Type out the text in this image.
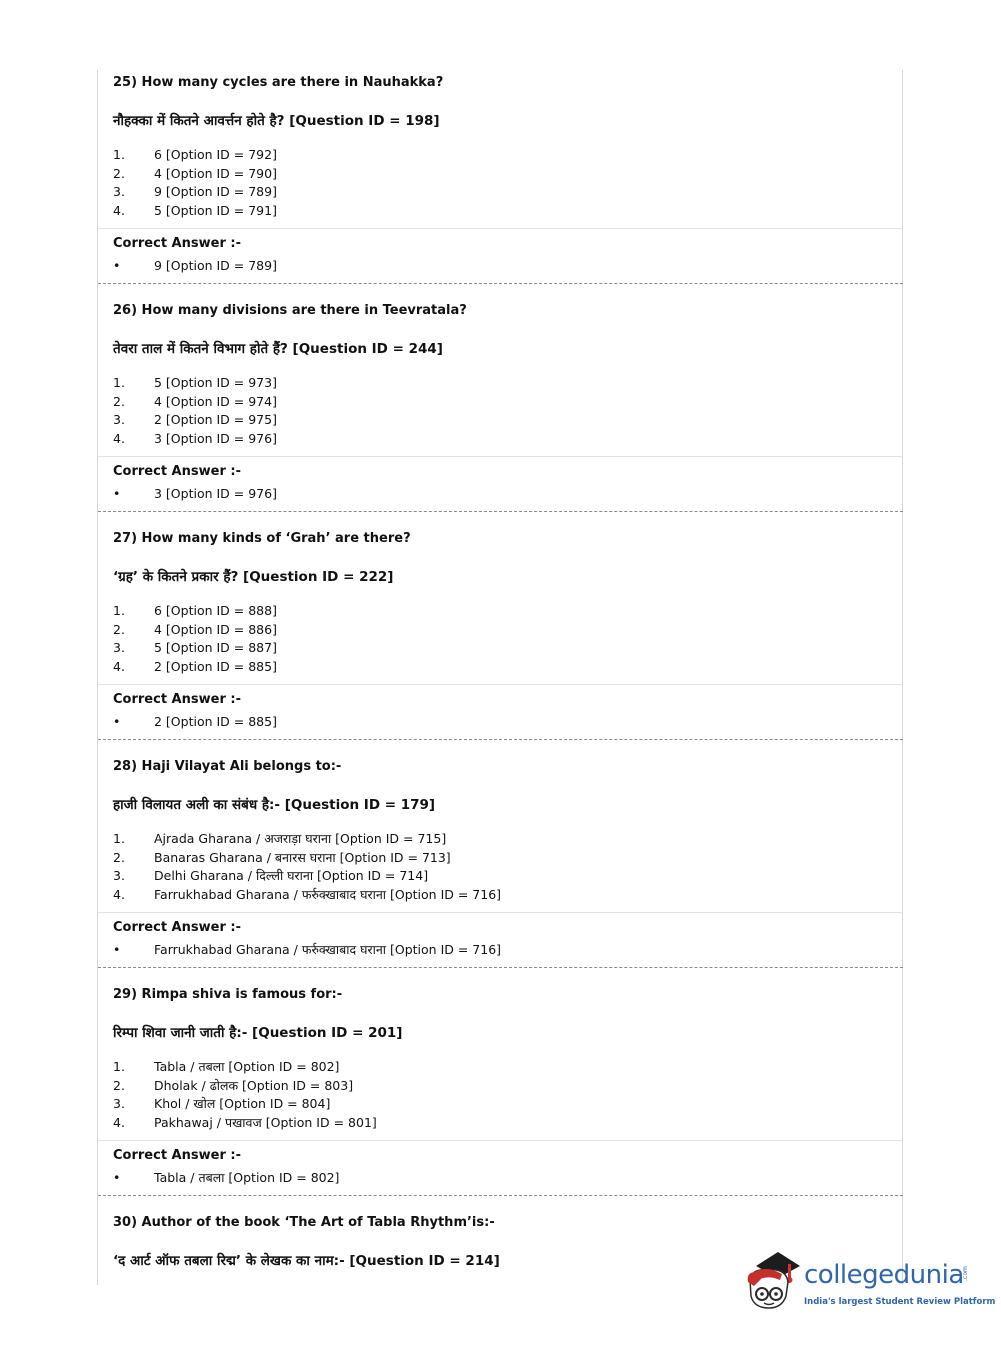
25) How many cycles are there in Nauhakka?
नौहक्का में कितने आवर्त्तन होते है? [Question ID = 198]
1.	6 [Option ID = 792]
2.	4 [Option ID = 790]
3.	9 [Option ID = 789]
4.	5 [Option ID = 791]
Correct Answer :-
•	9 [Option ID = 789]
26) How many divisions are there in Teevratala?
तेवरा ताल में कितने विभाग होते हैं? [Question ID = 244]
1.	5 [Option ID = 973]
2.	4 [Option ID = 974]
3.	2 [Option ID = 975]
4.	3 [Option ID = 976]
Correct Answer :-
•	3 [Option ID = 976]
27) How many kinds of ‘Grah’ are there?
‘ग्रह’ के कितने प्रकार हैं? [Question ID = 222]
1.	6 [Option ID = 888]
2.	4 [Option ID = 886]
3.	5 [Option ID = 887]
4.	2 [Option ID = 885]
Correct Answer :-
•	2 [Option ID = 885]
28) Haji Vilayat Ali belongs to:-
हाजी विलायत अली का संबंध है:- [Question ID = 179]
1.	Ajrada Gharana / अजराड़ा घराना [Option ID = 715]
2.	Banaras Gharana / बनारस घराना [Option ID = 713]
3.	Delhi Gharana / दिल्ली घराना [Option ID = 714]
4.	Farrukhabad Gharana / फर्रुक्खाबाद घराना [Option ID = 716]
Correct Answer :-
•	Farrukhabad Gharana / फर्रुक्खाबाद घराना [Option ID = 716]
29) Rimpa shiva is famous for:-
रिम्पा शिवा जानी जाती है:- [Question ID = 201]
1.	Tabla / तबला [Option ID = 802]
2.	Dholak / ढोलक [Option ID = 803]
3.	Khol / खोल [Option ID = 804]
4.	Pakhawaj / पखावज [Option ID = 801]
Correct Answer :-
•	Tabla / तबला [Option ID = 802]
30) Author of the book ‘The Art of Tabla Rhythm’is:-
‘द आर्ट ऑफ तबला रिद्म’ के लेखक का नाम:- [Question ID = 214]	collegedunia
.com
India's largest Student Review Platform
